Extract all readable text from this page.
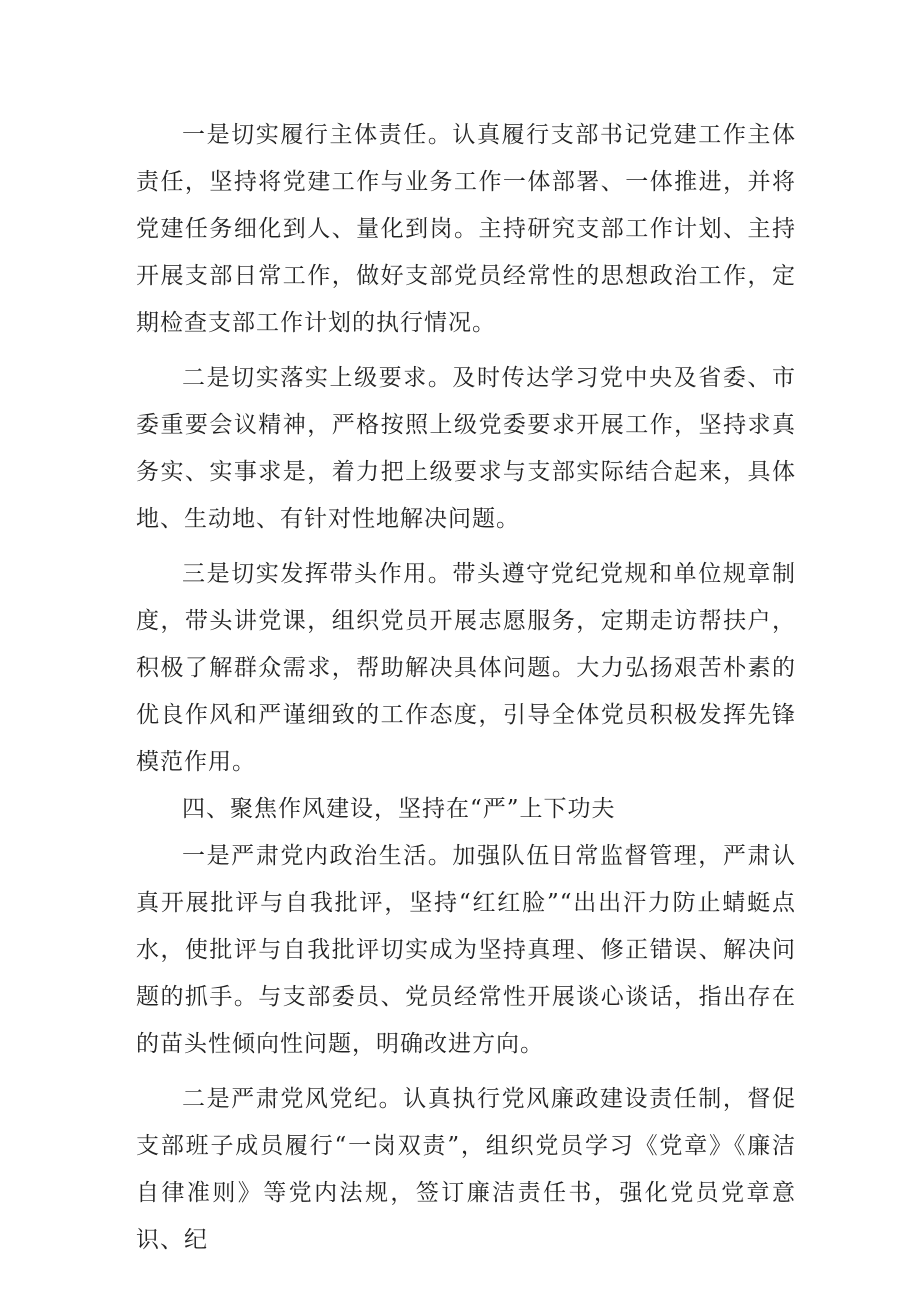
一是切实履行主体责任。认真履行支部书记党建工作主体责任，坚持将党建工作与业务工作一体部署、一体推进，并将党建任务细化到人、量化到岗。主持研究支部工作计划、主持开展支部日常工作，做好支部党员经常性的思想政治工作，定期检查支部工作计划的执行情况。

二是切实落实上级要求。及时传达学习党中央及省委、市委重要会议精神，严格按照上级党委要求开展工作，坚持求真务实、实事求是，着力把上级要求与支部实际结合起来，具体地、生动地、有针对性地解决问题。

三是切实发挥带头作用。带头遵守党纪党规和单位规章制度，带头讲党课，组织党员开展志愿服务，定期走访帮扶户，积极了解群众需求，帮助解决具体问题。大力弘扬艰苦朴素的优良作风和严谨细致的工作态度，引导全体党员积极发挥先锋模范作用。

四、聚焦作风建设，坚持在“严”上下功夫

一是严肃党内政治生活。加强队伍日常监督管理，严肃认真开展批评与自我批评，坚持“红红脸”“出出汗力防止蜻蜓点水，使批评与自我批评切实成为坚持真理、修正错误、解决问题的抓手。与支部委员、党员经常性开展谈心谈话，指出存在的苗头性倾向性问题，明确改进方向。

二是严肃党风党纪。认真执行党风廉政建设责任制，督促支部班子成员履行“一岗双责”，组织党员学习《党章》《廉洁自律准则》等党内法规，签订廉洁责任书，强化党员党章意识、纪
